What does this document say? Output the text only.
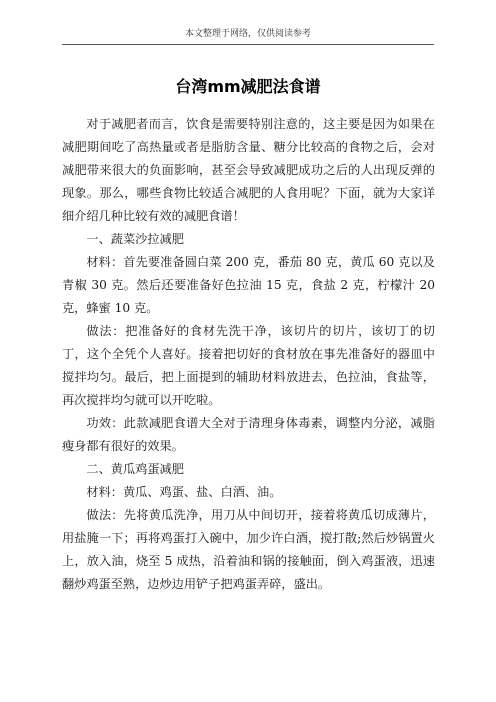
本文整理于网络，仅供阅读参考
台湾mm减肥法食谱

对于减肥者而言，饮食是需要特别注意的，这主要是因为如果在减肥期间吃了高热量或者是脂肪含量、糖分比较高的食物之后，会对减肥带来很大的负面影响，甚至会导致减肥成功之后的人出现反弹的现象。那么，哪些食物比较适合减肥的人食用呢？下面，就为大家详细介绍几种比较有效的减肥食谱！

一、蔬菜沙拉减肥

材料：首先要准备圆白菜 200 克，番茄 80 克，黄瓜 60 克以及青椒 30 克。然后还要准备好色拉油 15 克，食盐 2 克，柠檬汁 20 克，蜂蜜 10 克。

做法：把准备好的食材先洗干净，该切片的切片，该切丁的切丁，这个全凭个人喜好。接着把切好的食材放在事先准备好的器皿中搅拌均匀。最后，把上面提到的辅助材料放进去，色拉油，食盐等，再次搅拌均匀就可以开吃啦。

功效：此款减肥食谱大全对于清理身体毒素，调整内分泌，减脂瘦身都有很好的效果。

二、黄瓜鸡蛋减肥

材料：黄瓜、鸡蛋、盐、白酒、油。

做法：先将黄瓜洗净，用刀从中间切开，接着将黄瓜切成薄片，用盐腌一下；再将鸡蛋打入碗中，加少许白酒，搅打散;然后炒锅置火上，放入油，烧至 5 成热，沿着油和锅的接触面，倒入鸡蛋液，迅速翻炒鸡蛋至熟，边炒边用铲子把鸡蛋弄碎，盛出。
